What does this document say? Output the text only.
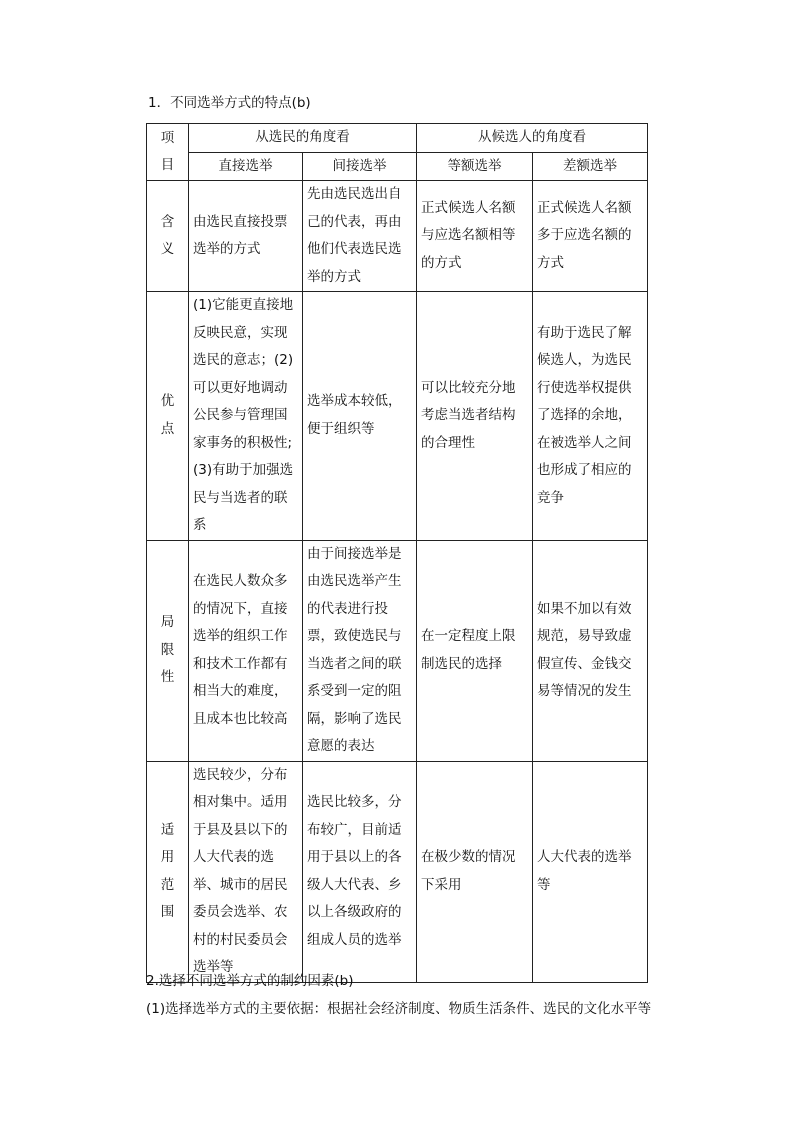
1．不同选举方式的特点(b)
项目	从选民的角度看		从候选人的角度看	
	直接选举	间接选举	等额选举	差额选举
含义	由选民直接投票选举的方式	先由选民选出自己的代表，再由他们代表选民选举的方式	正式候选人名额与应选名额相等的方式	正式候选人名额多于应选名额的方式

优点	(1)它能更直接地反映民意，实现选民的意志；(2)可以更好地调动公民参与管理国家事务的积极性;(3)有助于加强选民与当选者的联系	选举成本较低，便于组织等	可以比较充分地考虑当选者结构的合理性	有助于选民了解候选人，为选民行使选举权提供了选择的余地，在被选举人之间也形成了相应的竞争

局限性	在选民人数众多的情况下，直接选举的组织工作和技术工作都有相当大的难度，且成本也比较高	由于间接选举是由选民选举产生的代表进行投票，致使选民与当选者之间的联系受到一定的阻隔，影响了选民意愿的表达	在一定程度上限制选民的选择	如果不加以有效规范，易导致虚假宣传、金钱交易等情况的发生

适用范围	选民较少，分布相对集中。适用于县及县以下的人大代表的选举、城市的居民委员会选举、农村的村民委员会选举等	选民比较多，分布较广，目前适用于县以上的各级人大代表、乡以上各级政府的组成人员的选举	在极少数的情况下采用	人大代表的选举等
2.选择不同选举方式的制约因素(b)
(1)选择选举方式的主要依据：根据社会经济制度、物质生活条件、选民的文化水平等
